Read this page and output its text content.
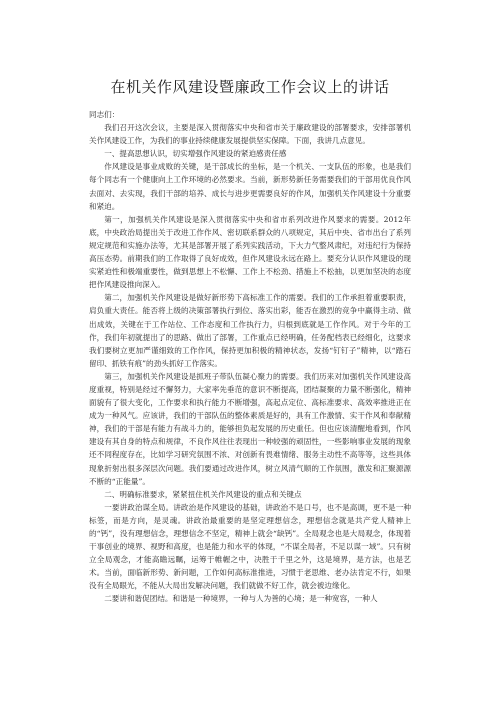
在机关作风建设暨廉政工作会议上的讲话

同志们：

我们召开这次会议，主要是深入贯彻落实中央和省市关于廉政建设的部署要求，安排部署机关作风建设工作，为我们的事业持续健康发展提供坚实保障。下面，我讲几点意见。

一、提高思想认识，切实增强作风建设的紧迫感责任感

作风建设是事业成败的关键，是干部成长的坐标，是一个机关、一支队伍的形象，也是我们每个同志有一个健康向上工作环境的必然要求。当前，新形势新任务需要我们的干部用优良作风去面对、去实现，我们干部的培养、成长与进步更需要良好的作风，加强机关作风建设十分重要和紧迫。

第一，加强机关作风建设是深入贯彻落实中央和省市系列改进作风要求的需要。2012年底，中央政治局提出关于改进工作作风、密切联系群众的八项规定，其后中央、省市出台了系列规定规范和实施办法等，尤其是部署开展了系列实践活动，下大力气整风肃纪，对违纪行为保持高压态势。前期我们的工作取得了良好成效，但作风建设永远在路上。要充分认识作风建设的现实紧迫性和极端重要性，做到思想上不松懈、工作上不松劲、措施上不松抽，以更加坚决的态度把作风建设推向深入。

第二，加强机关作风建设是做好新形势下高标准工作的需要。我们的工作承担着重要职责，肩负重大责任。能否将上级的决策部署执行到位、落实出彩，能否在激烈的竞争中赢得主动、做出成效，关键在于工作站位、工作态度和工作执行力，归根到底就是工作作风。对于今年的工作，我们年初就提出了的思路、做出了部署，工作重点已经明确，任务配档表已经细化，这要求我们要树立更加严谨细致的工作作风，保持更加积极的精神状态，发扬“钉钉子”精神，以“踏石留印、抓铁有痕”的劲头抓好工作落实。

第三，加强机关作风建设是抓班子带队伍凝心聚力的需要。我们历来对加强机关作风建设高度重视，特别是经过不懈努力，大家率先垂范的意识不断提高，团结凝聚的力量不断强化，精神面貌有了很大变化，工作要求和执行能力不断增强，高起点定位、高标准要求、高效率推进正在成为一种风气。应该讲，我们的干部队伍的整体素质是好的，具有工作激情、实干作风和奉献精神，我们的干部是有能力有战斗力的，能够担负起发展的历史重任。但也应该清醒地看到，作风建设有其自身的特点和规律，不良作风往往表现出一种较强的顽固性，一些影响事业发展的现象还不同程度存在，比如学习研究氛围不浓、对创新有畏难情绪、服务主动性不高等等，这些具体现象折射出很多深层次问题。我们要通过改进作风，树立风清气顺的工作氛围，激发和汇聚源源不断的“正能量”。

二、明确标准要求，紧紧扭住机关作风建设的重点和关键点

一要讲政治谋全局。讲政治是作风建设的基础，讲政治不是口号，也不是高调，更不是一种标签，而是方向，是灵魂。讲政治最重要的是坚定理想信念，理想信念就是共产党人精神上的“钙”，没有理想信念，理想信念不坚定，精神上就会“缺钙”。全局观念也是大局观念，体现着干事创业的境界、视野和高度，也是能力和水平的体现，“不谋全局者，不足以谋一域”。只有树立全局观念，才能高瞻远瞩，运筹于帷幄之中，决胜于千里之外，这是境界，是方法，也是艺术。当前，面临新形势、新问题，工作如何高标准推进，习惯于老思维、老办法肯定不行，如果没有全局眼光，不能从大局出发解决问题，我们就做不好工作，就会被边缘化。

二要讲和谐促团结。和谐是一种境界，一种与人为善的心境；是一种宽容，一种人
